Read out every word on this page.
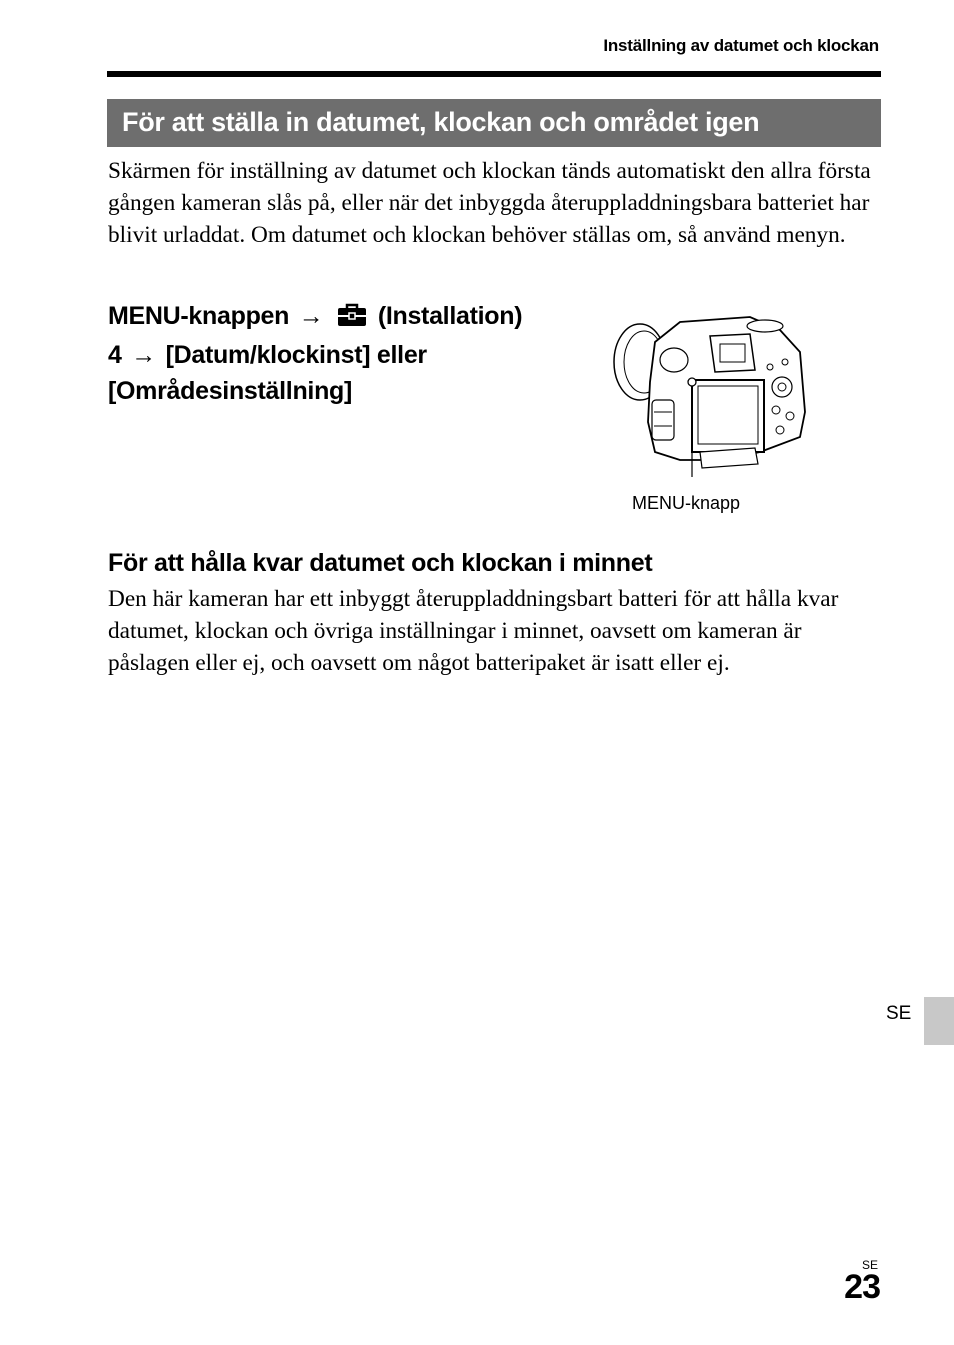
Inställning av datumet och klockan
För att ställa in datumet, klockan och området igen

Skärmen för inställning av datumet och klockan tänds automatiskt den allra första gången kameran slås på, eller när det inbyggda återuppladdningsbara batteriet har blivit urladdat. Om datumet och klockan behöver ställas om, så använd menyn.

MENU-knappen → (Installation)
4 → [Datum/klockinst] eller
[Områdesinställning]
MENU-knapp
För att hålla kvar datumet och klockan i minnet

Den här kameran har ett inbyggt återuppladdningsbart batteri för att hålla kvar datumet, klockan och övriga inställningar i minnet, oavsett om kameran är påslagen eller ej, och oavsett om något batteripaket är isatt eller ej.

SE
SE
23
